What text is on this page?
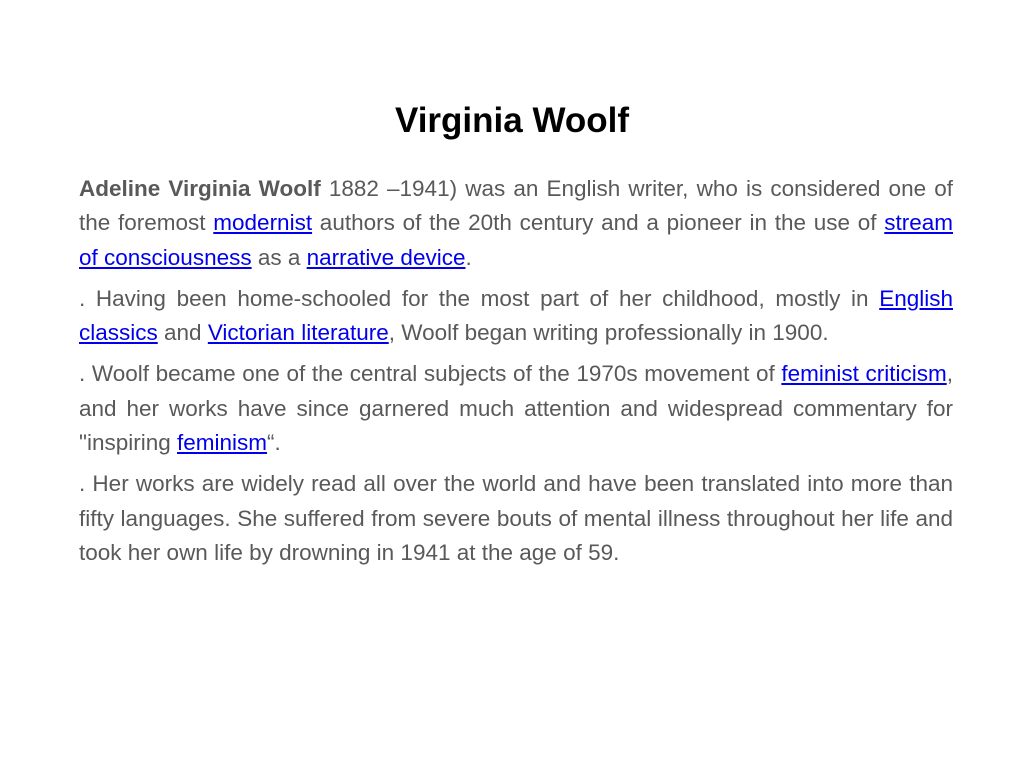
Virginia Woolf

Adeline Virginia Woolf 1882 –1941) was an English writer, who is considered one of the foremost modernist authors of the 20th century and a pioneer in the use of stream of consciousness as a narrative device.

. Having been home-schooled for the most part of her childhood, mostly in English classics and Victorian literature, Woolf began writing professionally in 1900.

. Woolf became one of the central subjects of the 1970s movement of feminist criticism, and her works have since garnered much attention and widespread commentary for "inspiring feminism“.

. Her works are widely read all over the world and have been translated into more than fifty languages. She suffered from severe bouts of mental illness throughout her life and took her own life by drowning in 1941 at the age of 59.
